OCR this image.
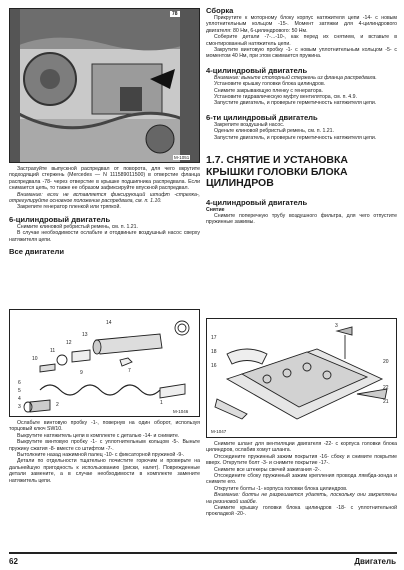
78
M-1051

Застрахуйте выпускной распредвал от поворота, для чего вкрутите подходящий стержень (Mercedes — N 111589011500) в отверстие фланца распредвала -78- через отверстие в крышке подшипника распредвала. Если снимается цепь, то также ее образом зафиксируйте впускной распредвал.

Внимание: если не вставляется фиксирующий штифт -стрелка-, отрегулируйте основное положение распредвала, см. п. 1.10.

Закрепите генератор пленкой или тряпкой.

6-цилиндровый двигатель

Снимите клиновой ребристый ремень, см. п. 1.21.

В случае необходимости ослабьте и отодвиньте воздушный насос сверху натяжителя цепи.

Все двигатели
14
13
12
11
10
9	7
6
5
4
3	2	1
M-1046

Ослабьте винтовую пробку -1-, повернув на один оборот, используя торцовый ключ SW10.

Выкрутите натяжитель цепи в комплекте с деталью -14- и снимите.

Выкрутите винтовую пробку -1- с уплотнительным кольцом -5-. Выньте пружину сжатия -8- вместе со штифтом -7-.

Вытолкните назад нажимной палец -10- с фиксаторной пружиной -9-.

Детали по отдельности тщательно почистите горючим и проверьте на дальнейшую пригодность к использованию (риски, налет). Поврежденные детали замените, а в случае необходимости в комплекте замените натяжитель цепи.

Сборка

Прикрутите к моторному блоку корпус натяжителя цепи -14- с новым уплотнительным кольцом -15-. Момент затяжки для 4-цилиндрового двигателя: 80 Нм, 6-цилиндрового: 50 Нм.

Соберите детали -7-...-10-, как перед их снятием, и вставьте в смонтированный натяжитель цепи.

Закрутите винтовую пробку -1- с новым уплотнительным кольцом -5- с моментом 40 Нм, при этом сжимается пружина.

4-цилиндровый двигатель

Внимание: выньте стопорный стержень из фланца распредвала.

Установите крышку головки блока цилиндров.

Снимите закрывающую пленку с генератора.

Установите гидравлическую муфту вентилятора, см. п. 4.9.

Запустите двигатель, и проверьте герметичность натяжителя цепи.

6-ти цилиндровый двигатель

Закрепите воздушный насос.

Оденьте клиновой ребристый ремень, см. п. 1.21.

Запустите двигатель, и проверьте герметичность натяжителя цепи.

1.7. СНЯТИЕ И УСТАНОВКА КРЫШКИ ГОЛОВКИ БЛОКА ЦИЛИНДРОВ
4-цилиндровый двигатель

Снятие

Снимите поперечную трубу воздушного фильтра, для чего отпустите пружинные зажимы.

3
17
18
16
20
22
21
M-1047

Снимите шланг для вентиляции двигателя -22- с корпуса головки блока цилиндров, ослабив хомут шланга.

Отсоедините пружинный зажим покрытия -16- сбоку и снимите покрытие вверх. Открутите болт -3- и снимите покрытие -17-.

Снимите все штекеры свечей зажигания -2-.

Отсоедините сбоку пружинный зажим крепления провода лямбда-зонда и снимите его.

Открутите болты -1- корпуса головки блока цилиндров.

Внимание: болты не разрешается удалять, поскольку они закреплены на резиновой шайбе.

Снимите крышку головки блока цилиндров -18- с уплотнительной прокладкой -20-.

62	Двигатель
